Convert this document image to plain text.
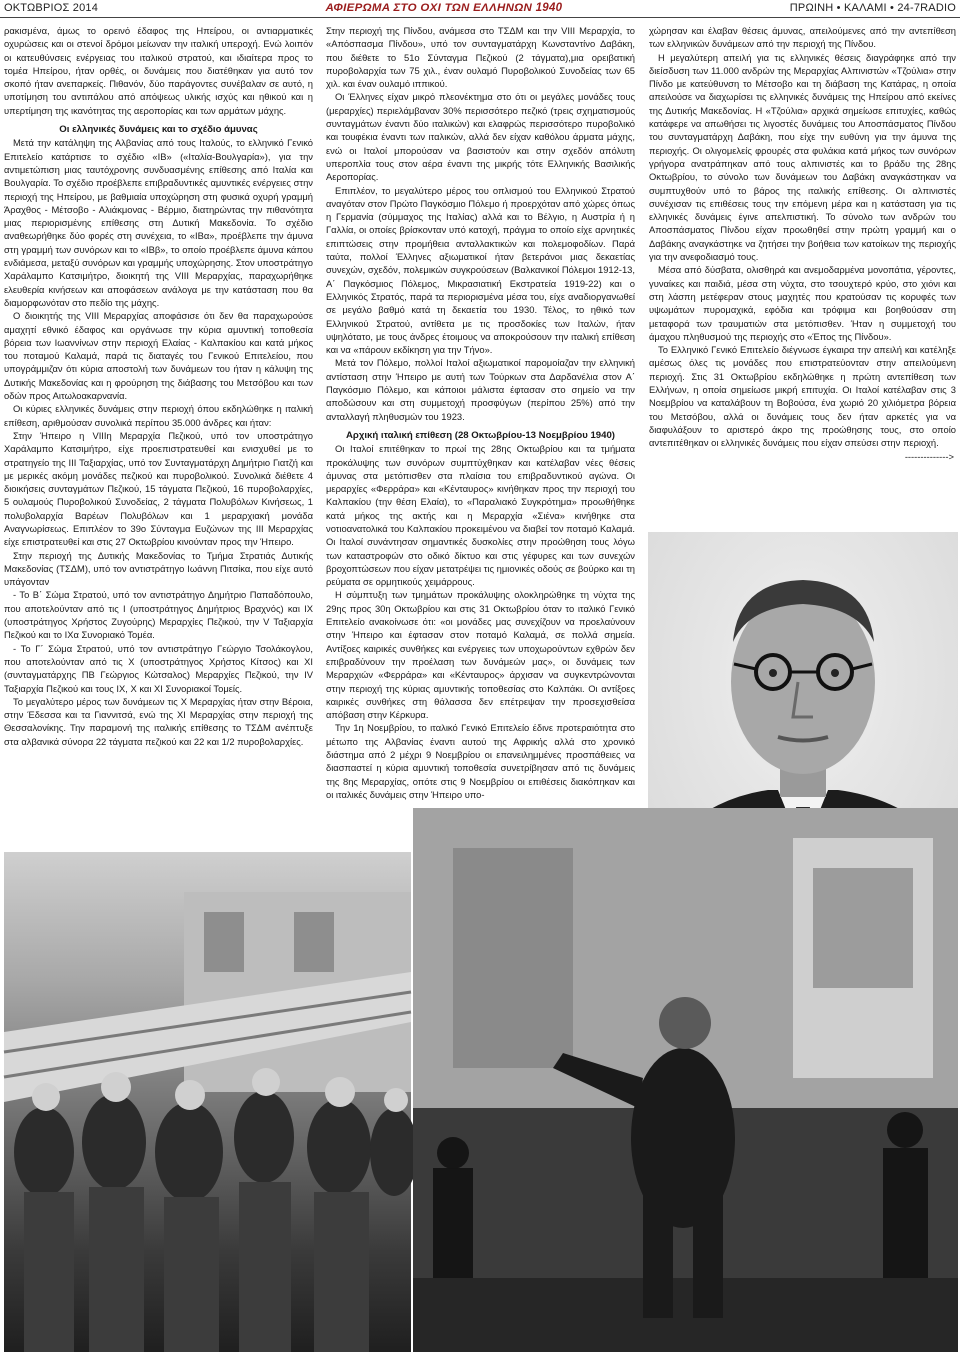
ΟΚΤΩΒΡΙΟΣ 2014	ΑΦΙΕΡΩΜΑ ΣΤΟ ΟΧΙ ΤΩΝ ΕΛΛΗΝΩΝ 1940	ΠΡΩΙΝΗ • ΚΑΛΑΜΙ • 24-7RADIO

ρακισμένα, άμως το ορεινό έδαφος της Ηπείρου, οι αντιαρματικές οχυρώσεις και οι στενοί δρόμοι μείωναν την ιταλική υπεροχή. Ενώ λοιπόν οι κατευθύνσεις ενέργειας του ιταλικού στρατού, και ιδιαίτερα προς το τομέα Ηπείρου, ήταν ορθές, οι δυνάμεις που διατέθηκαν για αυτό τον σκοπό ήταν ανεπαρκείς. Πιθανόν, δύο παράγοντες συνέβαλαν σε αυτό, η υποτίμηση του αντιπάλου από απόψεως υλικής ισχύς και ηθικού και η υπερτίμηση της ικανότητας της αεροπορίας και των αρμάτων μάχης.

Οι ελληνικές δυνάμεις και το σχέδιο άμυνας

Μετά την κατάληψη της Αλβανίας από τους Ιταλούς, το ελληνικό Γενικό Επιτελείο κατάρτισε το σχέδιο «ΙΒ» («Ιταλία-Βουλγαρία»), για την αντιμετώπιση μιας ταυτόχρονης συνδυασμένης επίθεσης από Ιταλία και Βουλγαρία. Το σχέδιο προέβλεπε επιβραδυντικές αμυντικές ενέργειες στην περιοχή της Ηπείρου, με βαθμιαία υποχώρηση στη φυσικά οχυρή γραμμή Άραχθος - Μέτσοβο - Αλιάκμονας - Βέρμιο, διατηρώντας την πιθανότητα μιας περιορισμένης επίθεσης στη Δυτική Μακεδονία. Το σχέδιο αναθεωρήθηκε δύο φορές στη συνέχεια, το «ΙΒα», προέβλεπε την άμυνα στη γραμμή των συνόρων και το «ΙΒβ», το οποίο προέβλεπε άμυνα κάπου ενδιάμεσα, μεταξύ συνόρων και γραμμής υποχώρησης. Στον υποστράτηγο Χαράλαμπο Κατσιμήτρο, διοικητή της VIII Μεραρχίας, παραχωρήθηκε ελευθερία κινήσεων και αποφάσεων ανάλογα με την κατάσταση που θα διαμορφωνόταν στο πεδίο της μάχης.

Ο διοικητής της VIII Μεραρχίας αποφάσισε ότι δεν θα παραχωρούσε αμαχητί εθνικό έδαφος και οργάνωσε την κύρια αμυντική τοποθεσία βόρεια των Ιωαννίνων στην περιοχή Ελαίας - Καλπακίου και κατά μήκος του ποταμού Καλαμά, παρά τις διαταγές του Γενικού Επιτελείου, που υπογράμμιζαν ότι κύρια αποστολή των δυνάμεων του ήταν η κάλυψη της Δυτικής Μακεδονίας και η φρούρηση της διάβασης του Μετσόβου και των οδών προς Αιτωλοακαρνανία.

Οι κύριες ελληνικές δυνάμεις στην περιοχή όπου εκδηλώθηκε η ιταλική επίθεση, αριθμούσαν συνολικά περίπου 35.000 άνδρες και ήταν:

Στην Ήπειρο η VIIIη Μεραρχία Πεζικού, υπό τον υποστράτηγο Χαράλαμπο Κατσιμήτρο, είχε προεπιστρατευθεί και ενισχυθεί με το στρατηγείο της ΙΙΙ Ταξιαρχίας, υπό τον Συνταγματάρχη Δημήτριο Γιατζή και με μερικές ακόμη μονάδες πεζικού και πυροβολικού. Συνολικά διέθετε 4 διοικήσεις συνταγμάτων Πεζικού, 15 τάγματα Πεζικού, 16 πυροβολαρχίες, 5 ουλαμούς Πυροβολικού Συνοδείας, 2 τάγματα Πολυβόλων Κινήσεως, 1 πολυβολαρχία Βαρέων Πολυβόλων και 1 μεραρχιακή μονάδα Αναγνωρίσεως. Επιπλέον το 39ο Σύνταγμα Ευζώνων της ΙΙΙ Μεραρχίας είχε επιστρατευθεί και στις 27 Οκτωβρίου κινούνταν προς την Ήπειρο.

Στην περιοχή της Δυτικής Μακεδονίας το Τμήμα Στρατιάς Δυτικής Μακεδονίας (ΤΣΔΜ), υπό τον αντιστράτηγο Ιωάννη Πιτσίκα, που είχε αυτό υπάγονταν

- Το Β΄ Σώμα Στρατού, υπό τον αντιστράτηγο Δημήτριο Παπαδόπουλο, που αποτελούνταν από τις Ι (υποστράτηγος Δημήτριος Βραχνός) και ΙΧ (υποστράτηγος Χρήστος Ζυγούρης) Μεραρχίες Πεζικού, την V Ταξιαρχία Πεζικού και το ΙΧα Συνοριακό Τομέα.

- Το Γ΄ Σώμα Στρατού, υπό τον αντιστράτηγο Γεώργιο Τσολάκογλου, που αποτελούνταν από τις Χ (υποστράτηγος Χρήστος Κίτσος) και ΧΙ (συνταγματάρχης ΠΒ Γεώργιος Κώτσαλος) Μεραρχίες Πεζικού, την IV Ταξιαρχία Πεζικού και τους ΙΧ, Χ και ΧΙ Συνοριακοί Τομείς.

Το μεγαλύτερο μέρος των δυνάμεων τις Χ Μεραρχίας ήταν στην Βέροια, στην Έδεσσα και τα Γιαννιτσά, ενώ της ΧΙ Μεραρχίας στην περιοχή της Θεσσαλονίκης. Την παραμονή της ιταλικής επίθεσης το ΤΣΔΜ ανέπτυξε στα αλβανικά σύνορα 22 τάγματα πεζικού και 22 και 1/2 πυροβολαρχίες.

Στην περιοχή της Πίνδου, ανάμεσα στο ΤΣΔΜ και την VIII Μεραρχία, το «Απόσπασμα Πίνδου», υπό τον συνταγματάρχη Κωνσταντίνο Δαβάκη, που διέθετε το 51ο Σύνταγμα Πεζικού (2 τάγματα),μια ορειβατική πυροβολαρχία των 75 χιλ., έναν ουλαμό Πυροβολικού Συνοδείας των 65 χιλ. και έναν ουλαμό ιππικού.

Οι Έλληνες είχαν μικρό πλεονέκτημα στο ότι οι μεγάλες μονάδες τους (μεραρχίες) περιελάμβαναν 30% περισσότερο πεζικό (τρεις σχηματισμούς συνταγμάτων έναντι δύο ιταλικών) και ελαφρώς περισσότερο πυροβολικό και τουφέκια έναντι των ιταλικών, αλλά δεν είχαν καθόλου άρματα μάχης, ενώ οι Ιταλοί μπορούσαν να βασιστούν και στην σχεδόν απόλυτη υπεροπλία τους στον αέρα έναντι της μικρής τότε Ελληνικής Βασιλικής Αεροπορίας.

Επιπλέον, το μεγαλύτερο μέρος του οπλισμού του Ελληνικού Στρατού αναγόταν στον Πρώτο Παγκόσμιο Πόλεμο ή προερχόταν από χώρες όπως η Γερμανία (σύμμαχος της Ιταλίας) αλλά και το Βέλγιο, η Αυστρία ή η Γαλλία, οι οποίες βρίσκονταν υπό κατοχή, πράγμα το οποίο είχε αρνητικές επιπτώσεις στην προμήθεια ανταλλακτικών και πολεμοφοδίων. Παρά ταύτα, πολλοί Έλληνες αξιωματικοί ήταν βετεράνοι μιας δεκαετίας συνεχών, σχεδόν, πολεμικών συγκρούσεων (Βαλκανικοί Πόλεμοι 1912-13, Α΄ Παγκόσμιος Πόλεμος, Μικρασιατική Εκστρατεία 1919-22) και ο Ελληνικός Στρατός, παρά τα περιορισμένα μέσα του, είχε αναδιοργανωθεί σε μεγάλο βαθμό κατά τη δεκαετία του 1930. Τέλος, το ηθικό των Ελληνικού Στρατού, αντίθετα με τις προσδοκίες των Ιταλών, ήταν υψηλότατο, με τους άνδρες έτοιμους να αποκρούσουν την ιταλική επίθεση και να «πάρουν εκδίκηση για την Τήνο».

Μετά τον Πόλεμο, πολλοί Ιταλοί αξιωματικοί παρομοίαζαν την ελληνική αντίσταση στην Ήπειρο με αυτή των Τούρκων στα Δαρδανέλια στον Α΄ Παγκόσμιο Πόλεμο, και κάποιοι μάλιστα έφτασαν στο σημείο να την αποδώσουν και στη συμμετοχή προσφύγων (περίπου 25%) από την ανταλλαγή πληθυσμών του 1923.

Αρχική ιταλική επίθεση (28 Οκτωβρίου-13 Νοεμβρίου 1940)

Οι Ιταλοί επιτέθηκαν το πρωί της 28ης Οκτωβρίου και τα τμήματα προκάλυψης των συνόρων συμπτύχθηκαν και κατέλαβαν νέες θέσεις άμυνας στα μετόπισθεν στα πλαίσια του επιβραδυντικού αγώνα. Οι μεραρχίες «Φερράρα» και «Κένταυρος» κινήθηκαν προς την περιοχή του Καλπακίου (την θέση Ελαία), το «Παραλιακό Συγκρότημα» προωθήθηκε κατά μήκος της ακτής και η Μεραρχία «Σιένα» κινήθηκε στα νοτιοανατολικά του Καλπακίου προκειμένου να διαβεί τον ποταμό Καλαμά. Οι Ιταλοί συνάντησαν σημαντικές δυσκολίες στην προώθηση τους λόγω των καταστροφών στο οδικό δίκτυο και στις γέφυρες και των συνεχών βροχοπτώσεων που είχαν μετατρέψει τις ημιονικές οδούς σε βούρκο και τη ρεύματα σε ορμητικούς χειμάρρους.

Η σύμπτυξη των τμημάτων προκάλυψης ολοκληρώθηκε τη νύχτα της 29ης προς 30η Οκτωβρίου και στις 31 Οκτωβρίου όταν το ιταλικό Γενικό Επιτελείο ανακοίνωσε ότι: «οι μονάδες μας συνεχίζουν να προελαύνουν στην Ήπειρο και έφτασαν στον ποταμό Καλαμά, σε πολλά σημεία. Αντίξοες καιρικές συνθήκες και ενέργειες των υποχωρούντων εχθρών δεν επιβραδύνουν την προέλαση των δυνάμεών μας», οι δυνάμεις των Μεραρχιών «Φερράρα» και «Κένταυρος» άρχισαν να συγκεντρώνονται στην περιοχή της κύριας αμυντικής τοποθεσίας στο Καλπάκι. Οι αντίξοες καιρικές συνθήκες στη θάλασσα δεν επέτρεψαν την προσεχισθείσα απόβαση στην Κέρκυρα.

Την 1η Νοεμβρίου, το ιταλικό Γενικό Επιτελείο έδινε προτεραιότητα στο μέτωπο της Αλβανίας έναντι αυτού της Αφρικής αλλά στο χρονικό διάστημα από 2 μέχρι 9 Νοεμβρίου οι επανειλημμένες προσπάθειες να διασπαστεί η κύρια αμυντική τοποθεσία συνετρίβησαν από τις δυνάμεις της 8ης Μεραρχίας, οπότε στις 9 Νοεμβρίου οι επιθέσεις διακόπηκαν και οι ιταλικές δυνάμεις στην Ήπειρο υπο-

χώρησαν και έλαβαν θέσεις άμυνας, απειλούμενες από την αντεπίθεση των ελληνικών δυνάμεων από την περιοχή της Πίνδου.

Η μεγαλύτερη απειλή για τις ελληνικές θέσεις διαγράφηκε από την διείσδυση των 11.000 ανδρών της Μεραρχίας Αλπινιστών «Τζούλια» στην Πίνδο με κατεύθυνση το Μέτσοβο και τη διάβαση της Κατάρας, η οποία απειλούσε να διαχωρίσει τις ελληνικές δυνάμεις της Ηπείρου από εκείνες της Δυτικής Μακεδονίας. Η «Τζούλια» αρχικά σημείωσε επιτυχίες, καθώς κατάφερε να απωθήσει τις λιγοστές δυνάμεις του Αποσπάσματος Πίνδου του συνταγματάρχη Δαβάκη, που είχε την ευθύνη για την άμυνα της περιοχής. Οι ολιγομελείς φρουρές στα φυλάκια κατά μήκος των συνόρων γρήγορα ανατράπηκαν από τους αλπινιστές και το βράδυ της 28ης Οκτωβρίου, το σύνολο των δυνάμεων του Δαβάκη αναγκάστηκαν να συμπτυχθούν υπό το βάρος της ιταλικής επίθεσης. Οι αλπινιστές συνέχισαν τις επιθέσεις τους την επόμενη μέρα και η κατάσταση για τις ελληνικές δυνάμεις έγινε απελπιστική. Το σύνολο των ανδρών του Αποσπάσματος Πίνδου είχαν προωθηθεί στην πρώτη γραμμή και ο Δαβάκης αναγκάστηκε να ζητήσει την βοήθεια των κατοίκων της περιοχής για την ανεφοδιασμό τους.

Μέσα από δύσβατα, ολισθηρά και ανεμοδαρμένα μονοπάτια, γέροντες, γυναίκες και παιδιά, μέσα στη νύχτα, στο τσουχτερό κρύο, στο χιόνι και στη λάσπη μετέφεραν στους μαχητές που κρατούσαν τις κορυφές των υψωμάτων πυρομαχικά, εφόδια και τρόφιμα και βοηθούσαν στη μεταφορά των τραυματιών στα μετόπισθεν. Ήταν η συμμετοχή του άμαχου πληθυσμού της περιοχής στο «Έπος της Πίνδου».

Το Ελληνικό Γενικό Επιτελείο διέγνωσε έγκαιρα την απειλή και κατέληξε αμέσως όλες τις μονάδες που επιστρατεύονταν στην απειλούμενη περιοχή. Στις 31 Οκτωβρίου εκδηλώθηκε η πρώτη αντεπίθεση των Ελλήνων, η οποία σημείωσε μικρή επιτυχία. Οι Ιταλοί κατέλαβαν στις 3 Νοεμβρίου να καταλάβουν τη Βοβούσα, ένα χωριό 20 χιλιόμετρα βόρεια του Μετσόβου, αλλά οι δυνάμεις τους δεν ήταν αρκετές για να διαφυλάξουν το αριστερό άκρο της προώθησης τους, στο οποίο αντεπιτέθηκαν οι ελληνικές δυνάμεις που είχαν σπεύσει στην περιοχή.

-------------->
